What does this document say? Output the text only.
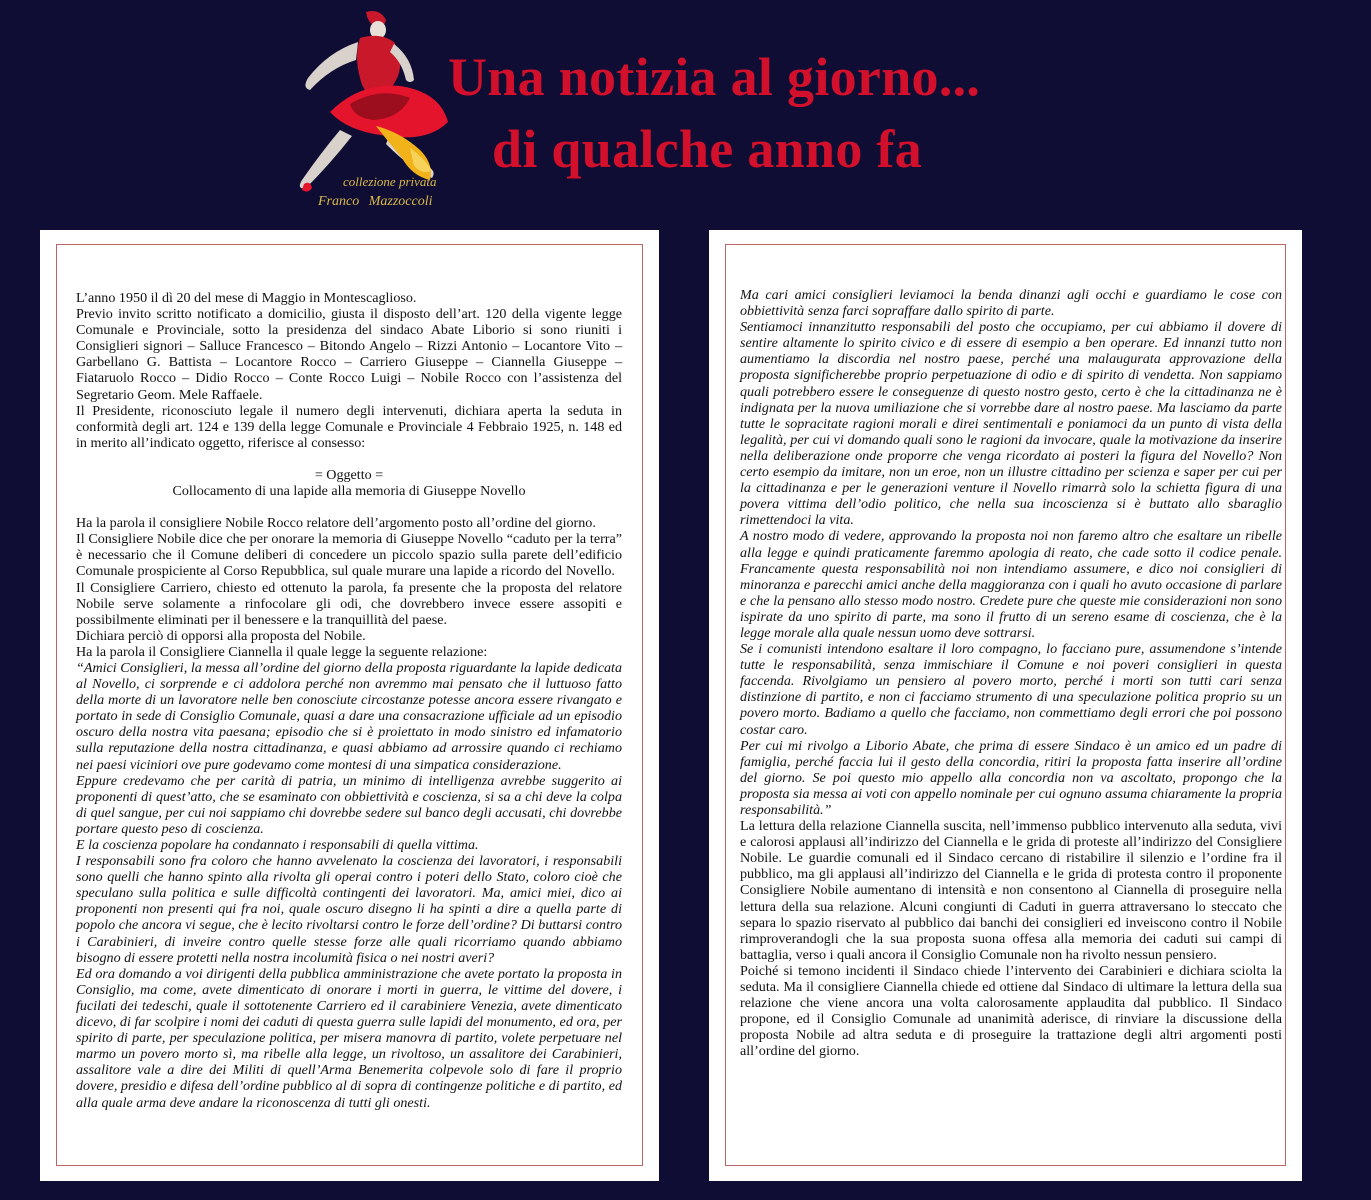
collezione privata
Franco Mazzoccoli
Una notizia al giorno...
di qualche anno fa

L’anno 1950 il dì 20 del mese di Maggio in Montescaglioso.

Previo invito scritto notificato a domicilio, giusta il disposto dell’art. 120 della vigente legge Comunale e Provinciale, sotto la presidenza del sindaco Abate Liborio si sono riuniti i Consiglieri signori – Salluce Francesco – Bitondo Angelo – Rizzi Antonio – Locantore Vito – Garbellano G. Battista – Locantore Rocco – Carriero Giuseppe – Ciannella Giuseppe – Fiataruolo Rocco – Didio Rocco – Conte Rocco Luigi – Nobile Rocco con l’assistenza del Segretario Geom. Mele Raffaele.

Il Presidente, riconosciuto legale il numero degli intervenuti, dichiara aperta la seduta in conformità degli art. 124 e 139 della legge Comunale e Provinciale 4 Febbraio 1925, n. 148 ed in merito all’indicato oggetto, riferisce al consesso:

= Oggetto =

Collocamento di una lapide alla memoria di Giuseppe Novello

Ha la parola il consigliere Nobile Rocco relatore dell’argomento posto all’ordine del giorno.

Il Consigliere Nobile dice che per onorare la memoria di Giuseppe Novello “caduto per la terra” è necessario che il Comune deliberi di concedere un piccolo spazio sulla parete dell’edificio Comunale prospiciente al Corso Repubblica, sul quale murare una lapide a ricordo del Novello.

Il Consigliere Carriero, chiesto ed ottenuto la parola, fa presente che la proposta del relatore Nobile serve solamente a rinfocolare gli odi, che dovrebbero invece essere assopiti e possibilmente eliminati per il benessere e la tranquillità del paese.

Dichiara perciò di opporsi alla proposta del Nobile.

Ha la parola il Consigliere Ciannella il quale legge la seguente relazione:

“Amici Consiglieri, la messa all’ordine del giorno della proposta riguardante la lapide dedicata al Novello, ci sorprende e ci addolora perché non avremmo mai pensato che il luttuoso fatto della morte di un lavoratore nelle ben conosciute circostanze potesse ancora essere rivangato e portato in sede di Consiglio Comunale, quasi a dare una consacrazione ufficiale ad un episodio oscuro della nostra vita paesana; episodio che si è proiettato in modo sinistro ed infamatorio sulla reputazione della nostra cittadinanza, e quasi abbiamo ad arrossire quando ci rechiamo nei paesi viciniori ove pure godevamo come montesi di una simpatica considerazione.

Eppure credevamo che per carità di patria, un minimo di intelligenza avrebbe suggerito ai proponenti di quest’atto, che se esaminato con obbiettività e coscienza, si sa a chi deve la colpa di quel sangue, per cui noi sappiamo chi dovrebbe sedere sul banco degli accusati, chi dovrebbe portare questo peso di coscienza.

E la coscienza popolare ha condannato i responsabili di quella vittima.

I responsabili sono fra coloro che hanno avvelenato la coscienza dei lavoratori, i responsabili sono quelli che hanno spinto alla rivolta gli operai contro i poteri dello Stato, coloro cioè che speculano sulla politica e sulle difficoltà contingenti dei lavoratori. Ma, amici miei, dico ai proponenti non presenti qui fra noi, quale oscuro disegno li ha spinti a dire a quella parte di popolo che ancora vi segue, che è lecito rivoltarsi contro le forze dell’ordine? Di buttarsi contro i Carabinieri, di inveire contro quelle stesse forze alle quali ricorriamo quando abbiamo bisogno di essere protetti nella nostra incolumità fisica o nei nostri averi?

Ed ora domando a voi dirigenti della pubblica amministrazione che avete portato la proposta in Consiglio, ma come, avete dimenticato di onorare i morti in guerra, le vittime del dovere, i fucilati dei tedeschi, quale il sottotenente Carriero ed il carabiniere Venezia, avete dimenticato dicevo, di far scolpire i nomi dei caduti di questa guerra sulle lapidi del monumento, ed ora, per spirito di parte, per speculazione politica, per misera manovra di partito, volete perpetuare nel marmo un povero morto sì, ma ribelle alla legge, un rivoltoso, un assalitore dei Carabinieri, assalitore vale a dire dei Militi di quell’Arma Benemerita colpevole solo di fare il proprio dovere, presidio e difesa dell’ordine pubblico al di sopra di contingenze politiche e di partito, ed alla quale arma deve andare la riconoscenza di tutti gli onesti.

Ma cari amici consiglieri leviamoci la benda dinanzi agli occhi e guardiamo le cose con obbiettività senza farci sopraffare dallo spirito di parte.

Sentiamoci innanzitutto responsabili del posto che occupiamo, per cui abbiamo il dovere di sentire altamente lo spirito civico e di essere di esempio a ben operare. Ed innanzi tutto non aumentiamo la discordia nel nostro paese, perché una malaugurata approvazione della proposta significherebbe proprio perpetuazione di odio e di spirito di vendetta. Non sappiamo quali potrebbero essere le conseguenze di questo nostro gesto, certo è che la cittadinanza ne è indignata per la nuova umiliazione che si vorrebbe dare al nostro paese. Ma lasciamo da parte tutte le sopracitate ragioni morali e direi sentimentali e poniamoci da un punto di vista della legalità, per cui vi domando quali sono le ragioni da invocare, quale la motivazione da inserire nella deliberazione onde proporre che venga ricordato ai posteri la figura del Novello? Non certo esempio da imitare, non un eroe, non un illustre cittadino per scienza e saper per cui per la cittadinanza e per le generazioni venture il Novello rimarrà solo la schietta figura di una povera vittima dell’odio politico, che nella sua incoscienza si è buttato allo sbaraglio rimettendoci la vita.

A nostro modo di vedere, approvando la proposta noi non faremo altro che esaltare un ribelle alla legge e quindi praticamente faremmo apologia di reato, che cade sotto il codice penale. Francamente questa responsabilità noi non intendiamo assumere, e dico noi consiglieri di minoranza e parecchi amici anche della maggioranza con i quali ho avuto occasione di parlare e che la pensano allo stesso modo nostro. Credete pure che queste mie considerazioni non sono ispirate da uno spirito di parte, ma sono il frutto di un sereno esame di coscienza, che è la legge morale alla quale nessun uomo deve sottrarsi.

Se i comunisti intendono esaltare il loro compagno, lo facciano pure, assumendone s’intende tutte le responsabilità, senza immischiare il Comune e noi poveri consiglieri in questa faccenda. Rivolgiamo un pensiero al povero morto, perché i morti son tutti cari senza distinzione di partito, e non ci facciamo strumento di una speculazione politica proprio su un povero morto. Badiamo a quello che facciamo, non commettiamo degli errori che poi possono costar caro.

Per cui mi rivolgo a Liborio Abate, che prima di essere Sindaco è un amico ed un padre di famiglia, perché faccia lui il gesto della concordia, ritiri la proposta fatta inserire all’ordine del giorno. Se poi questo mio appello alla concordia non va ascoltato, propongo che la proposta sia messa ai voti con appello nominale per cui ognuno assuma chiaramente la propria responsabilità.”

La lettura della relazione Ciannella suscita, nell’immenso pubblico intervenuto alla seduta, vivi e calorosi applausi all’indirizzo del Ciannella e le grida di proteste all’indirizzo del Consigliere Nobile. Le guardie comunali ed il Sindaco cercano di ristabilire il silenzio e l’ordine fra il pubblico, ma gli applausi all’indirizzo del Ciannella e le grida di protesta contro il proponente Consigliere Nobile aumentano di intensità e non consentono al Ciannella di proseguire nella lettura della sua relazione. Alcuni congiunti di Caduti in guerra attraversano lo steccato che separa lo spazio riservato al pubblico dai banchi dei consiglieri ed inveiscono contro il Nobile rimproverandogli che la sua proposta suona offesa alla memoria dei caduti sui campi di battaglia, verso i quali ancora il Consiglio Comunale non ha rivolto nessun pensiero.

Poiché si temono incidenti il Sindaco chiede l’intervento dei Carabinieri e dichiara sciolta la seduta. Ma il consigliere Ciannella chiede ed ottiene dal Sindaco di ultimare la lettura della sua relazione che viene ancora una volta calorosamente applaudita dal pubblico. Il Sindaco propone, ed il Consiglio Comunale ad unanimità aderisce, di rinviare la discussione della proposta Nobile ad altra seduta e di proseguire la trattazione degli altri argomenti posti all’ordine del giorno.
